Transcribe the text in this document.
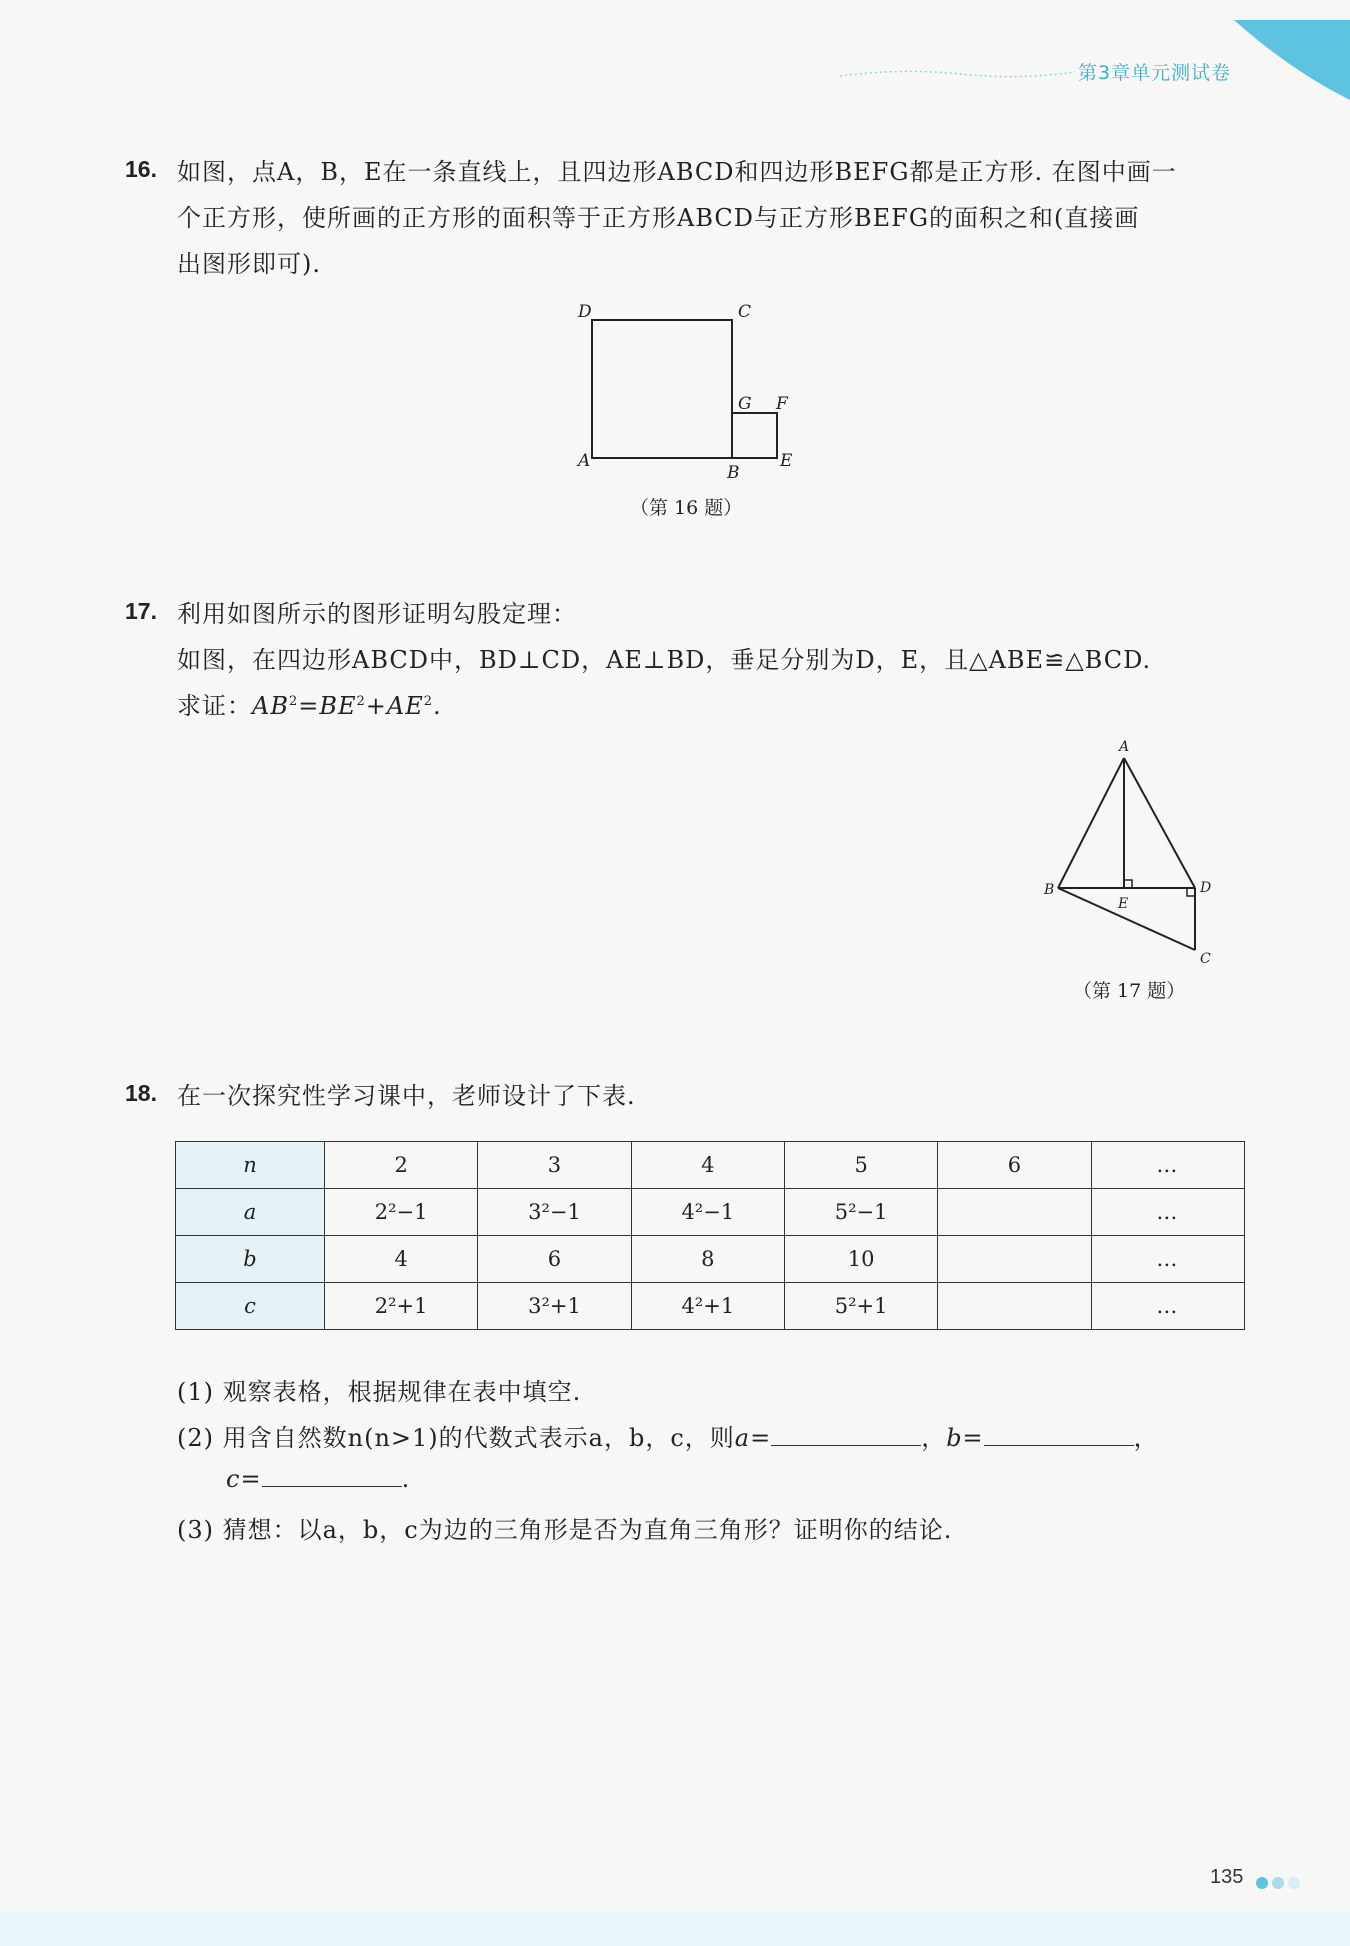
第3章单元测试卷
16. 如图，点A，B，E在一条直线上，且四边形ABCD和四边形BEFG都是正方形. 在图中画一
个正方形，使所画的正方形的面积等于正方形ABCD与正方形BEFG的面积之和(直接画
出图形即可).
D	C
G F
A
B
E
（第 16 题）
17. 利用如图所示的图形证明勾股定理：
如图，在四边形ABCD中，BD⊥CD，AE⊥BD，垂足分别为D，E，且△ABE≌△BCD.
求证：$AB^2=BE^2+AE^2$.
A
B
E
D
C
（第 17 题）
18. 在一次探究性学习课中，老师设计了下表.
n	2	3	4	5	6	…
a	2²−1	3²−1	4²−1	5²−1		…
b	4	6	8	10		…
c	2²+1	3²+1	4²+1	5²+1		…
(1) 观察表格，根据规律在表中填空.
(2) 用含自然数n(n>1)的代数式表示a，b，c，则a=	，b=	，
c=	.
(3) 猜想：以a，b，c为边的三角形是否为直角三角形？证明你的结论.
135
